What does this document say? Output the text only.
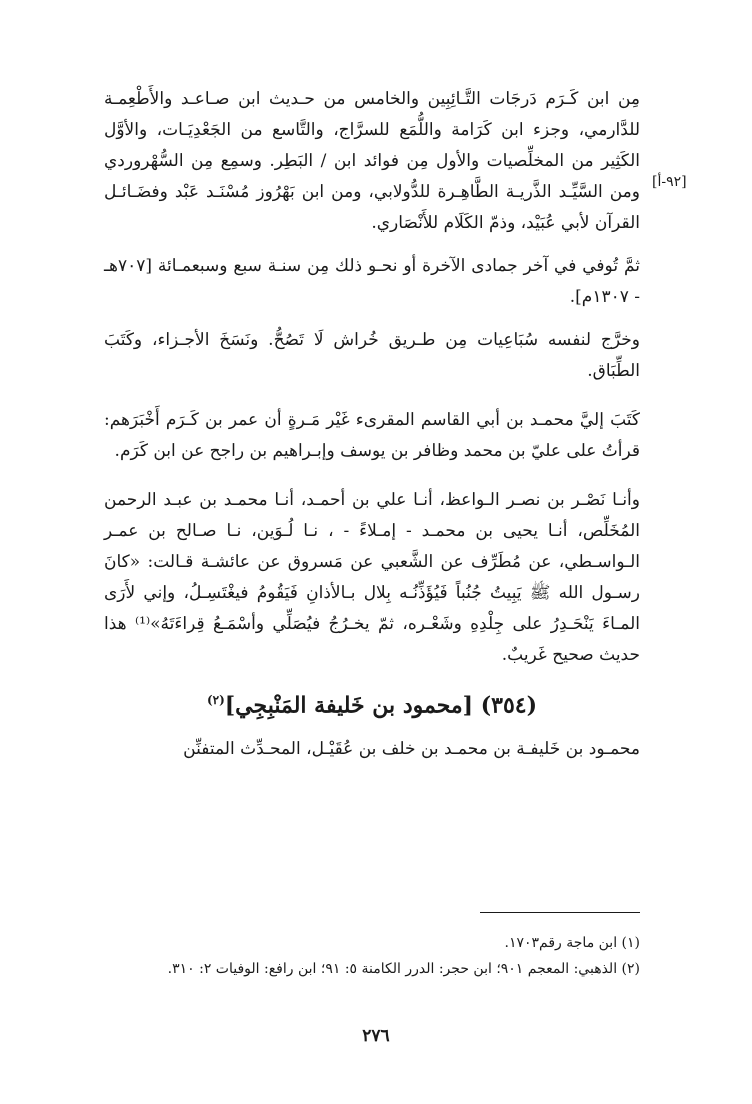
[٩٢-أ]

مِن ابن كَـرَم دَرجَات التَّـائِبِين والخامس من حـديث ابن صـاعـد والأَطْعِمـة للدَّارمي، وجزء ابن كَرَامة واللُّمَع للسرَّاج، والتَّاسع من الجَعْدِيَـات، والأوَّل الكَثِير من المخلِّصيات والأول مِن فوائد ابن / البَطِر. وسمِع مِن السُّهْروردي ومن السَّيِّـد الذَّريـة الطَّاهِـرة للدُّولابي، ومن ابن بَهْرُوز مُسْنَـد عَبْد وفضَـائـل القرآن لأبي عُبَيْد، وذمّ الكَلَام للأَنْصَاري.

ثمَّ تُوفي في آخر جمادى الآخرة أو نحـو ذلك مِن سنـة سبع وسبعمـائة [٧٠٧هـ - ١٣٠٧م].

وخرَّج لنفسه سُبَاعِيات مِن طـريق خُراش لَا تَصُحُّ. ونَسَخَ الأجـزاء، وكَتَبَ الطِّبَاق.

كَتَبَ إليَّ محمـد بن أبي القاسم المقرىء غَيْر مَـرةٍ أن عمر بن كَـرَم أَخْبَرَهم: قرأتُ على عليّ بن محمد وظافر بن يوسف وإبـراهيم بن راجح عن ابن كَرَم.

وأنـا نَصْـر بن نصـر الـواعظ، أنـا علي بن أحمـد، أنـا محمـد بن عبـد الرحمن المُخَلِّص، أنـا يحيى بن محمـد - إمـلاءً - ، نـا لُـوَين، نـا صـالح بن عمـر الـواسـطي، عن مُطَرِّف عن الشَّعبي عن مَسروق عن عائشـة قـالت: «كانَ رسـول الله ﷺ يَبِيتُ جُنُباً فَيُؤَذِّنُـه بِلال بـالأذانِ فَيَقُومُ فيغْتَسِـلُ، وإني لأَرَى المـاءَ يَنْحَـدِرُ على جِلْدِهِ وشَعْـره، ثمّ يخـرُجُ فيُصَلِّي وأسْمَـعُ قِراءَتَهُ»⁽¹⁾ هذا حديث صحيح غَريبٌ.

(٣٥٤) [محمود بن خَليفة المَنْبِجِي]$^{(٢)}$

محمـود بن خَليفـة بن محمـد بن خلف بن عُقَيْـل، المحـدِّث المتفنِّن

(١) ابن ماجة رقم١٧٠٣.
(٢) الذهبي: المعجم ٩٠١؛ ابن حجر: الدرر الكامنة ٥: ٩١؛ ابن رافع: الوفيات ٢: ٣١٠.
٢٧٦
